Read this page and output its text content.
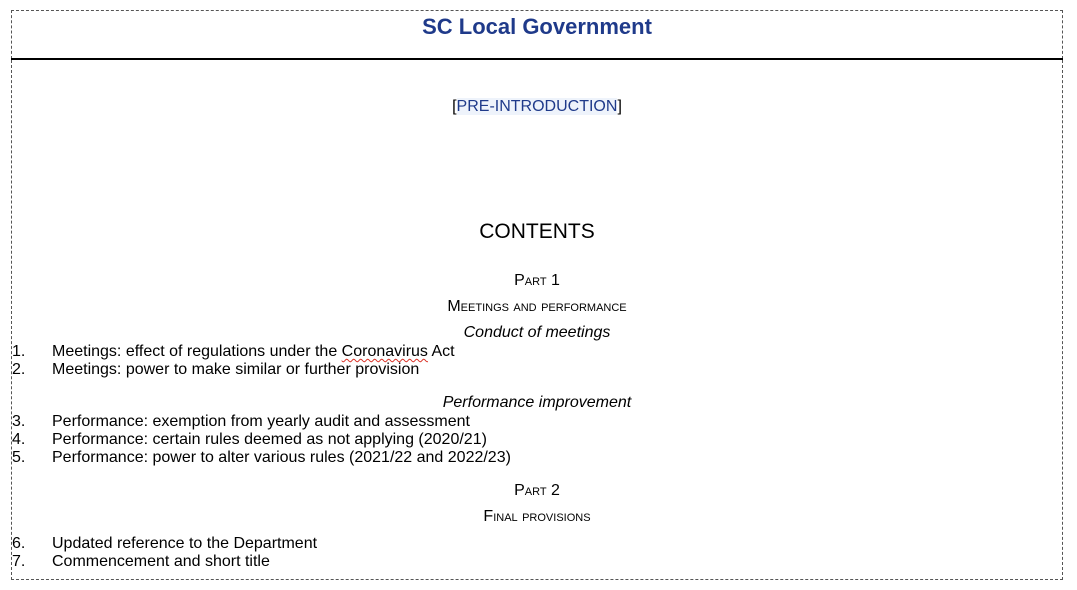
SC Local Government
[PRE-INTRODUCTION]
CONTENTS
Part 1
Meetings and performance
Conduct of meetings
1. Meetings: effect of regulations under the Coronavirus Act
2. Meetings: power to make similar or further provision
Performance improvement
3. Performance: exemption from yearly audit and assessment
4. Performance: certain rules deemed as not applying (2020/21)
5. Performance: power to alter various rules (2021/22 and 2022/23)
Part 2
Final provisions
6. Updated reference to the Department
7. Commencement and short title
